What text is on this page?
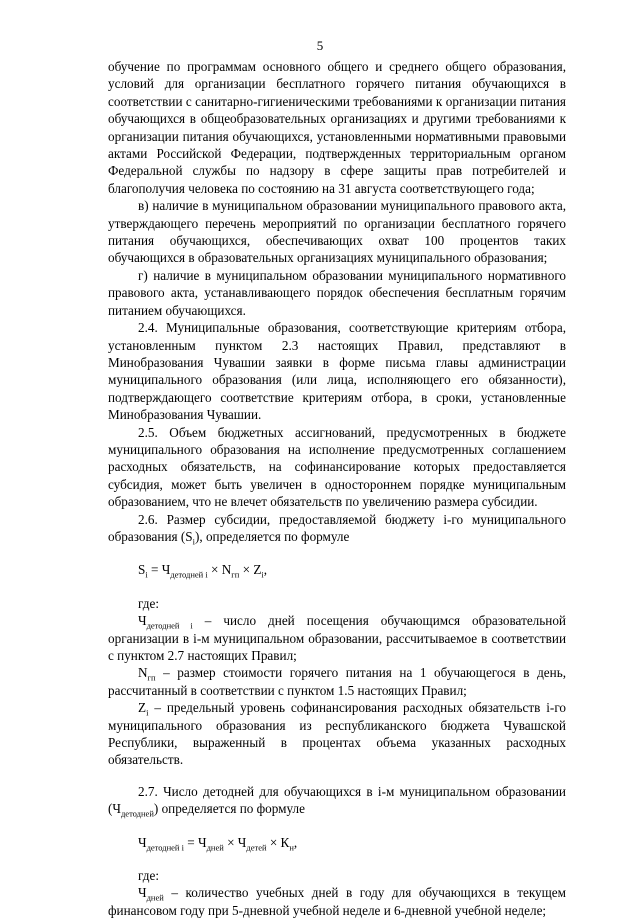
5

обучение по программам основного общего и среднего общего образования, условий для организации бесплатного горячего питания обучающихся в соответствии с санитарно-гигиеническими требованиями к организации питания обучающихся в общеобразовательных организациях и другими требованиями к организации питания обучающихся, установленными нормативными правовыми актами Российской Федерации, подтвержденных территориальным органом Федеральной службы по надзору в сфере защиты прав потребителей и благополучия человека по состоянию на 31 августа соответствующего года;

в) наличие в муниципальном образовании муниципального правового акта, утверждающего перечень мероприятий по организации бесплатного горячего питания обучающихся, обеспечивающих охват 100 процентов таких обучающихся в образовательных организациях муниципального образования;

г) наличие в муниципальном образовании муниципального нормативного правового акта, устанавливающего порядок обеспечения бесплатным горячим питанием обучающихся.

2.4. Муниципальные образования, соответствующие критериям отбора, установленным пунктом 2.3 настоящих Правил, представляют в Минобразования Чувашии заявки в форме письма главы администрации муниципального образования (или лица, исполняющего его обязанности), подтверждающего соответствие критериям отбора, в сроки, установленные Минобразования Чувашии.

2.5. Объем бюджетных ассигнований, предусмотренных в бюджете муниципального образования на исполнение предусмотренных соглашением расходных обязательств, на софинансирование которых предоставляется субсидия, может быть увеличен в одностороннем порядке муниципальным образованием, что не влечет обязательств по увеличению размера субсидии.

2.6. Размер субсидии, предоставляемой бюджету i-го муниципального образования $(S_i)$, определяется по формуле

$S_i = Ч_{детодней i} \times N_{гп} \times Z_i$,

где:

$Ч_{детодней i}$ – число дней посещения обучающимся образовательной организации в i-м муниципальном образовании, рассчитываемое в соответствии с пунктом 2.7 настоящих Правил;

$N_{гп}$ – размер стоимости горячего питания на 1 обучающегося в день, рассчитанный в соответствии с пунктом 1.5 настоящих Правил;

$Z_i$ – предельный уровень софинансирования расходных обязательств i-го муниципального образования из республиканского бюджета Чувашской Республики, выраженный в процентах объема указанных расходных обязательств.

2.7. Число детодней для обучающихся в i-м муниципальном образовании $(Ч_{детодней})$ определяется по формуле

$Ч_{детодней i} = Ч_{дней} \times Ч_{детей} \times К_н$,

где:

$Ч_{дней}$ – количество учебных дней в году для обучающихся в текущем финансовом году при 5-дневной учебной неделе и 6-дневной учебной неделе;
